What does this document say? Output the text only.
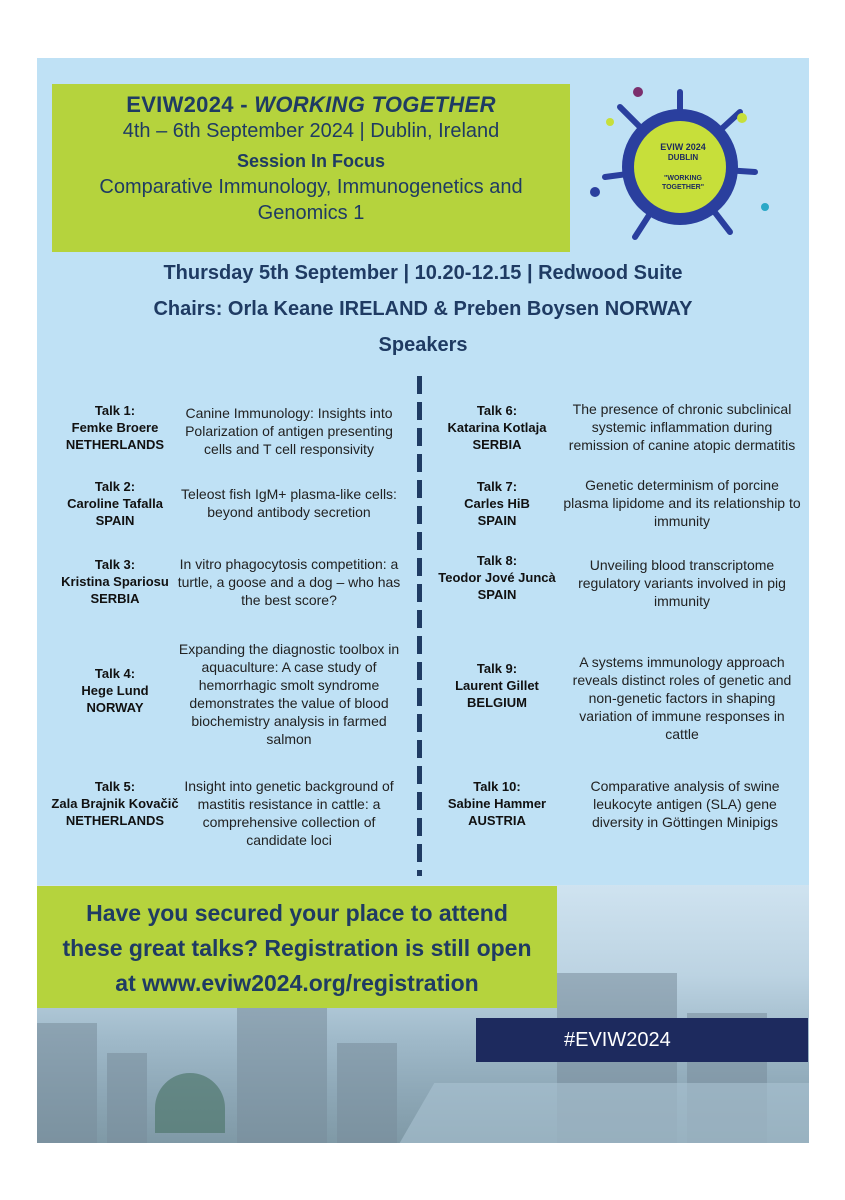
EVIW2024 - WORKING TOGETHER
4th – 6th September 2024 | Dublin, Ireland
Session In Focus
Comparative Immunology, Immunogenetics and Genomics 1
EVIW 2024
DUBLIN
"WORKING
TOGETHER"
Thursday 5th September | 10.20-12.15 | Redwood Suite
Chairs: Orla Keane IRELAND & Preben Boysen NORWAY
Speakers
Talk 1:
Femke Broere
NETHERLANDS
Canine Immunology: Insights into Polarization of antigen presenting cells and T cell responsivity
Talk 2:
Caroline Tafalla
SPAIN
Teleost fish IgM+ plasma-like cells: beyond antibody secretion
Talk 3:
Kristina Spariosu
SERBIA
In vitro phagocytosis competition: a turtle, a goose and a dog – who has the best score?
Talk 4:
Hege Lund
NORWAY
Expanding the diagnostic toolbox in aquaculture: A case study of hemorrhagic smolt syndrome demonstrates the value of blood biochemistry analysis in farmed salmon
Talk 5:
Zala Brajnik Kovačič
NETHERLANDS
Insight into genetic background of mastitis resistance in cattle: a comprehensive collection of candidate loci
Talk 6:
Katarina Kotlaja
SERBIA
The presence of chronic subclinical systemic inflammation during remission of canine atopic dermatitis
Talk 7:
Carles HiB
SPAIN
Genetic determinism of porcine plasma lipidome and its relationship to immunity
Talk 8:
Teodor Jové Juncà
SPAIN
Unveiling blood transcriptome regulatory variants involved in pig immunity
Talk 9:
Laurent Gillet
BELGIUM
A systems immunology approach reveals distinct roles of genetic and non-genetic factors in shaping variation of immune responses in cattle
Talk 10:
Sabine Hammer
AUSTRIA
Comparative analysis of swine leukocyte antigen (SLA) gene diversity in Göttingen Minipigs
Have you secured your place to attend
these great talks? Registration is still open
at www.eviw2024.org/registration
#EVIW2024
